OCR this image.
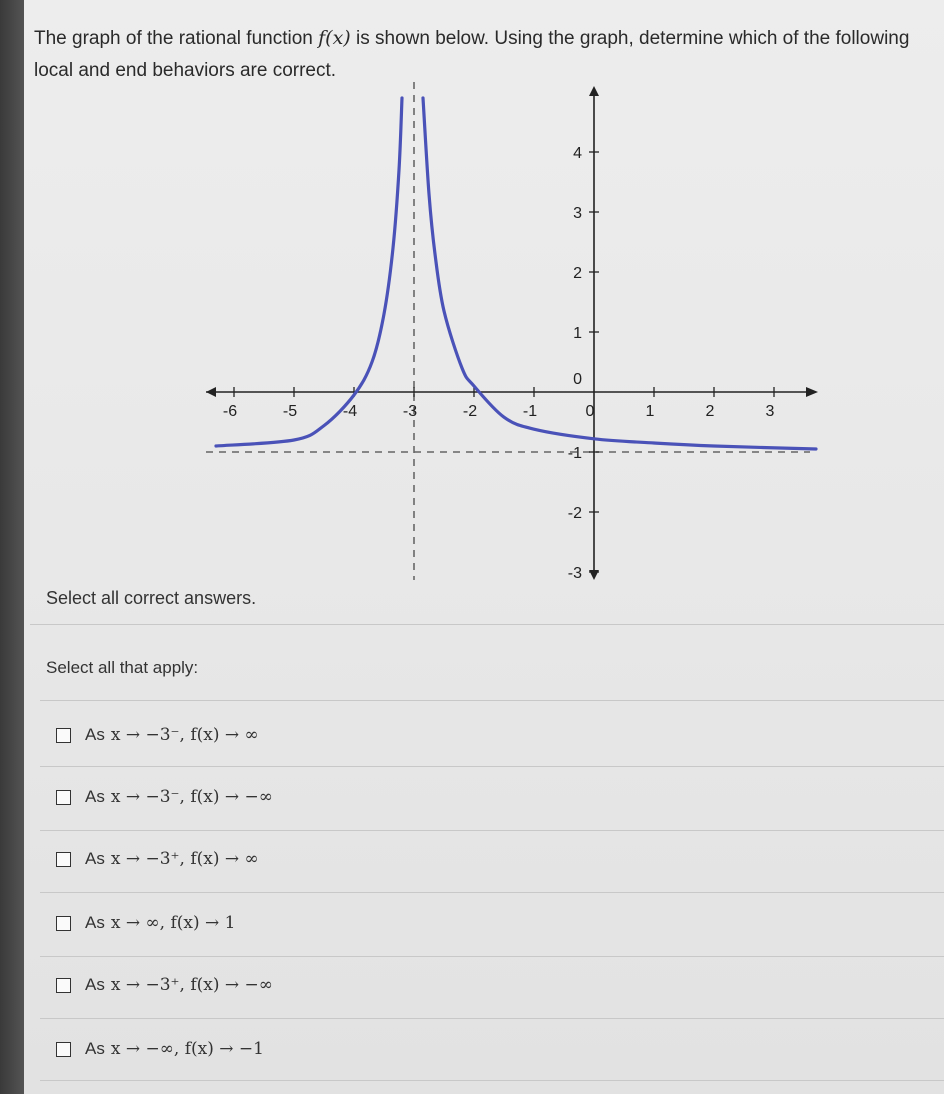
The graph of the rational function f(x) is shown below. Using the graph, determine which of the following local and end behaviors are correct.
-6	-5	-4	-3	-2	-1	0	1	2	3
4
3
2
1
0
-1
-2
-3
Select all correct answers.
Select all that apply:
As x → −3⁻, f(x) → ∞
As x → −3⁻, f(x) → −∞
As x → −3⁺, f(x) → ∞
As x → ∞, f(x) → 1
As x → −3⁺, f(x) → −∞
As x → −∞, f(x) → −1
